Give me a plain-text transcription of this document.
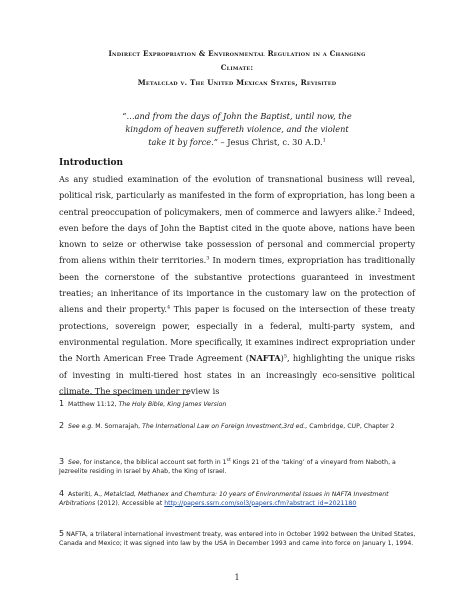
Indirect Expropriation & Environmental Regulation in a Changing
Climate:
Metalclad v. The United Mexican States, Revisited
“…and from the days of John the Baptist, until now, the
kingdom of heaven suffereth violence, and the violent
take it by force.” – Jesus Christ, c. 30 A.D.$^1$
Introduction

As any studied examination of the evolution of transnational business will reveal, political risk, particularly as manifested in the form of expropriation, has long been a central preoccupation of policymakers, men of commerce and lawyers alike.$^2$ Indeed, even before the days of John the Baptist cited in the quote above, nations have been known to seize or otherwise take possession of personal and commercial property from aliens within their territories.$^3$ In modern times, expropriation has traditionally been the cornerstone of the substantive protections guaranteed in investment treaties; an inheritance of its importance in the customary law on the protection of aliens and their property.$^4$ This paper is focused on the intersection of these treaty protections, sovereign power, especially in a federal, multi-party system, and environmental regulation. More specifically, it examines indirect expropriation under the North American Free Trade Agreement (NAFTA)$^5$, highlighting the unique risks of investing in multi-tiered host states in an increasingly eco-sensitive political climate. The specimen under review is

1 Matthew 11:12, The Holy Bible, King James Version
2 See e.g. M. Sornarajah, The International Law on Foreign Investment,3rd ed., Cambridge, CUP, Chapter 2
3 See, for instance, the biblical account set forth in 1st Kings 21 of the ‘taking’ of a vineyard from Naboth, a Jezreelite residing in Israel by Ahab, the King of Israel.
4 Asteriti, A., Metalclad, Methanex and Chemtura: 10 years of Environmental Issues in NAFTA Investment Arbitrations (2012). Accessible at http://papers.ssrn.com/sol3/papers.cfm?abstract_id=2021180
5 NAFTA, a trilateral international investment treaty, was entered into in October 1992 between the United States, Canada and Mexico; it was signed into law by the USA in December 1993 and came into force on January 1, 1994.
1
